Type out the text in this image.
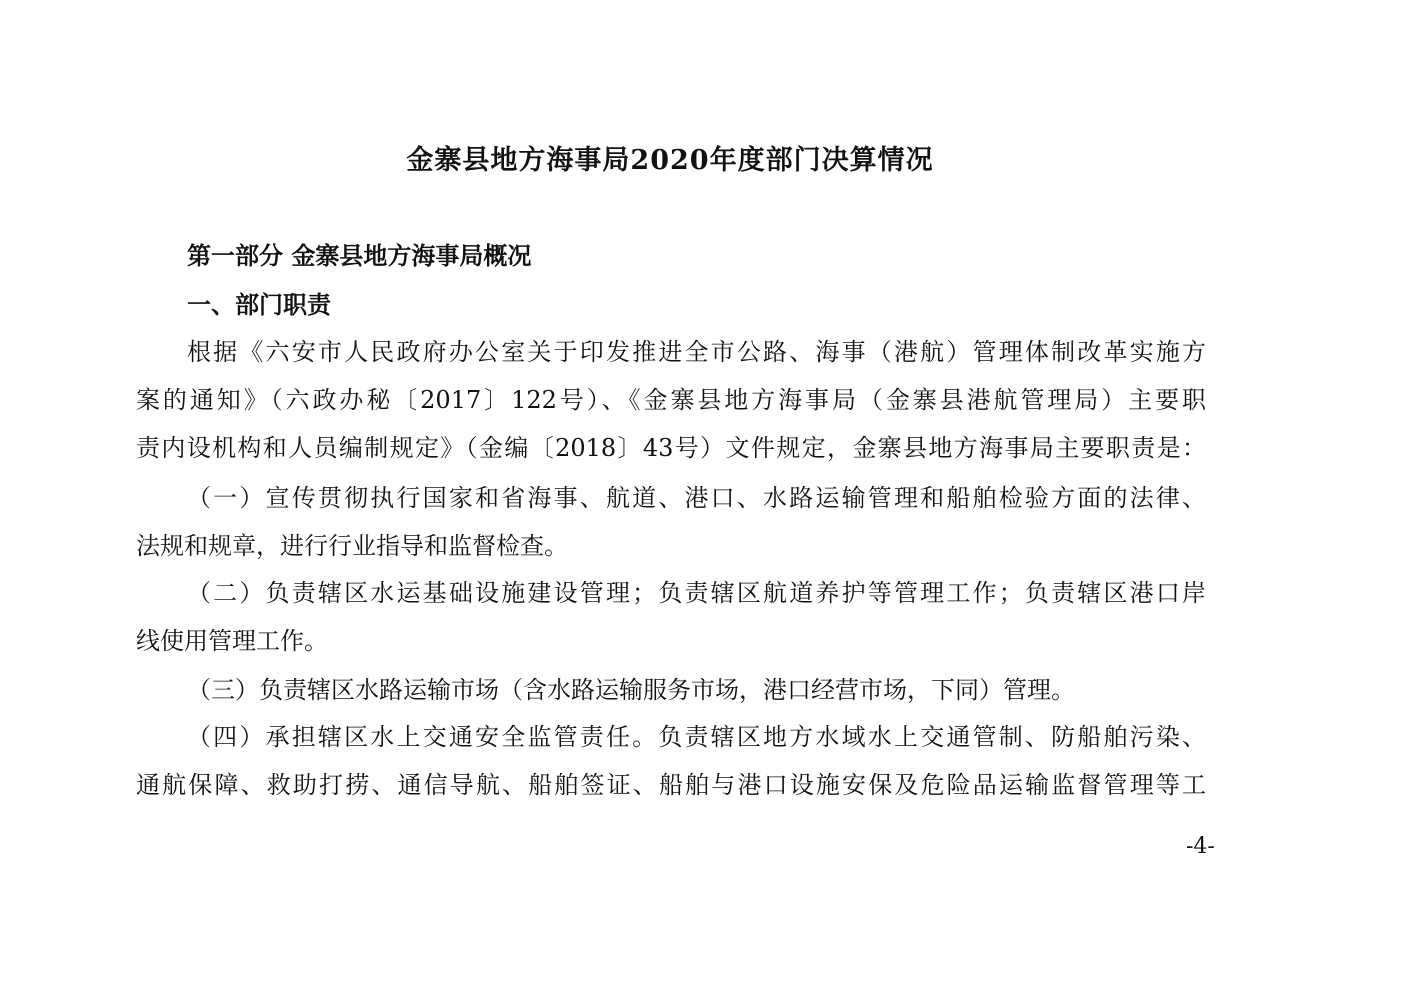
金寨县地方海事局2020年度部门决算情况
第一部分 金寨县地方海事局概况
一、部门职责
根据《六安市人民政府办公室关于印发推进全市公路、海事（港航）管理体制改革实施方
案的通知》（六政办秘〔2017〕122号）、《金寨县地方海事局（金寨县港航管理局）主要职
责内设机构和人员编制规定》（金编〔2018〕43号）文件规定，金寨县地方海事局主要职责是：
（一）宣传贯彻执行国家和省海事、航道、港口、水路运输管理和船舶检验方面的法律、
法规和规章，进行行业指导和监督检查。
（二）负责辖区水运基础设施建设管理；负责辖区航道养护等管理工作；负责辖区港口岸
线使用管理工作。
（三）负责辖区水路运输市场（含水路运输服务市场，港口经营市场，下同）管理。
（四）承担辖区水上交通安全监管责任。负责辖区地方水域水上交通管制、防船舶污染、
通航保障、救助打捞、通信导航、船舶签证、船舶与港口设施安保及危险品运输监督管理等工
-4-
